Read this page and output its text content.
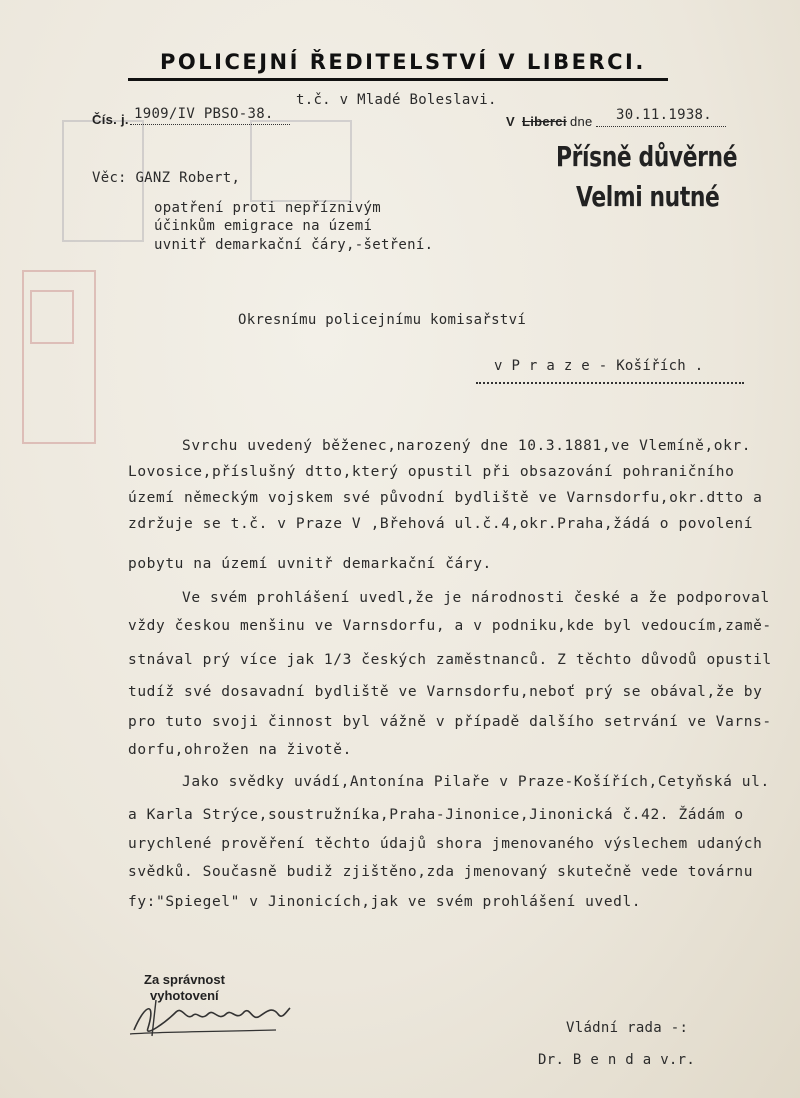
POLICEJNÍ ŘEDITELSTVÍ V LIBERCI.
t.č. v Mladé Boleslavi.
Čís. j. 1909/IV PBSO-38.	V Liberci dne 30.11.1938.
Přísně důvěrné
Velmi nutné
Věc : GANZ Robert,
opatření proti nepříznivým
účinkům emigrace na území
uvnitř demarkační čáry,-šetření.
Okresnímu policejnímu komisařství
v P r a z e - Košířích .
Svrchu uvedený běženec,narozený dne 10.3.1881,ve Vlemíně,okr.
Lovosice,příslušný dtto,který opustil při obsazování pohraničního
území německým vojskem své původní bydliště ve Varnsdorfu,okr.dtto a
zdržuje se t.č. v Praze V ,Břehová ul.č.4,okr.Praha,žádá o povolení
pobytu na území uvnitř demarkační čáry.
Ve svém prohlášení uvedl,že je národnosti české a že podporoval
vždy českou menšinu ve Varnsdorfu, a v podniku,kde byl vedoucím,zamě-
stnával prý více jak 1/3 českých zaměstnanců. Z těchto důvodů opustil
tudíž své dosavadní bydliště ve Varnsdorfu,neboť prý se obával,že by
pro tuto svoji činnost byl vážně v případě dalšího setrvání ve Varns-
dorfu,ohrožen na životě.
Jako svědky uvádí,Antonína Pilaře v Praze-Košířích,Cetyňská ul.
a Karla Strýce,soustružníka,Praha-Jinonice,Jinonická č.42. Žádám o
urychlené prověření těchto údajů shora jmenovaného výslechem udaných
svědků. Současně budiž zjištěno,zda jmenovaný skutečně vede továrnu
fy:"Spiegel" v Jinonicích,jak ve svém prohlášení uvedl.
Za správnost
vyhotovení
Vládní rada -:
Dr. B e n d a v.r.
